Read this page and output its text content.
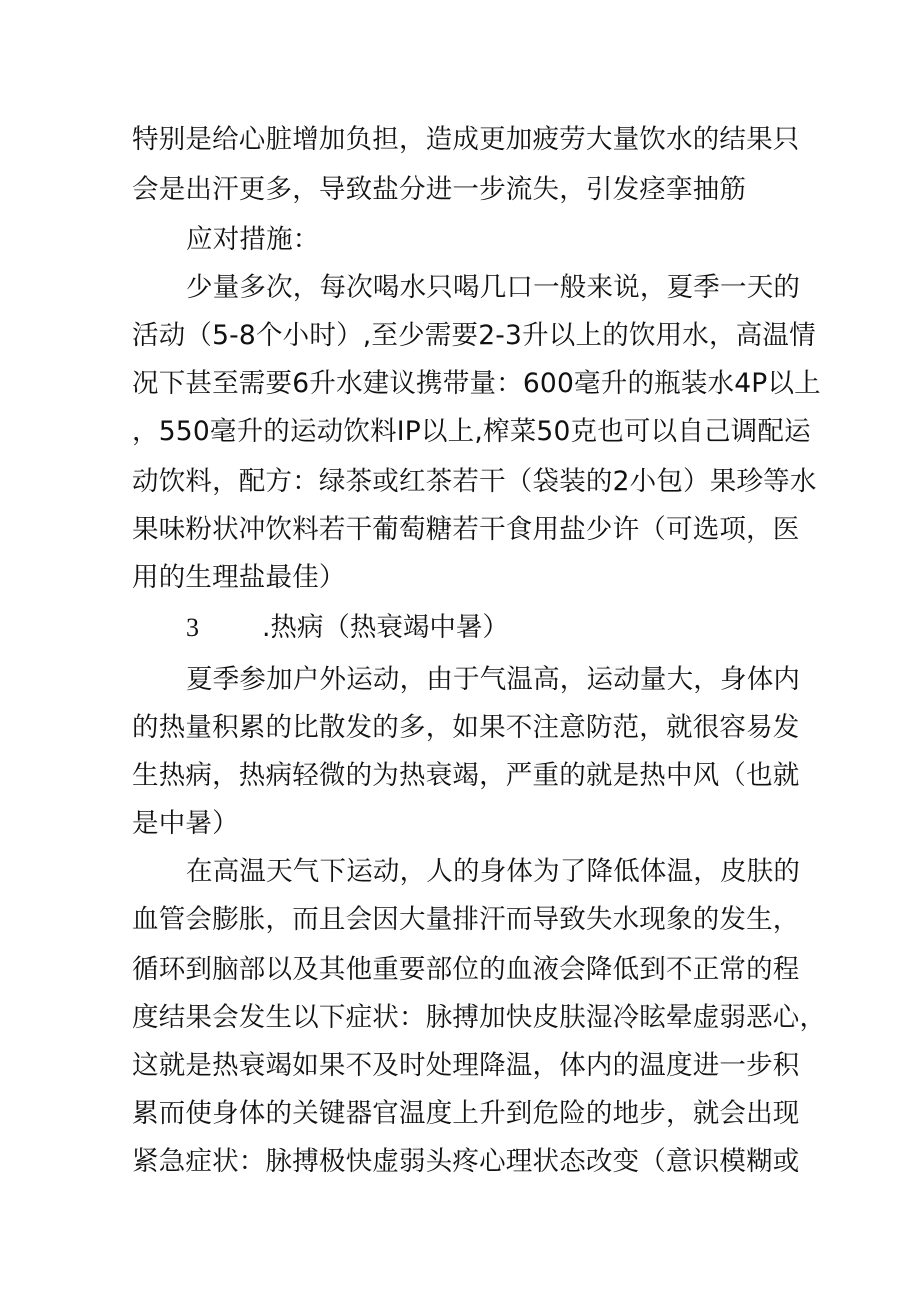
特别是给心脏增加负担，造成更加疲劳大量饮水的结果只
会是出汗更多，导致盐分进一步流失，引发痉挛抽筋
应对措施：
少量多次，每次喝水只喝几口一般来说，夏季一天的
活动（5-8个小时）,至少需要2-3升以上的饮用水，高温情
况下甚至需要6升水建议携带量：600毫升的瓶装水4P以上
，550毫升的运动饮料IP以上,榨菜50克也可以自己调配运
动饮料，配方：绿茶或红茶若干（袋装的2小包）果珍等水
果味粉状冲饮料若干葡萄糖若干食用盐少许（可选项，医
用的生理盐最佳）
3 .热病（热衰竭中暑）
夏季参加户外运动，由于气温高，运动量大，身体内
的热量积累的比散发的多，如果不注意防范，就很容易发
生热病，热病轻微的为热衰竭，严重的就是热中风（也就
是中暑）
在高温天气下运动，人的身体为了降低体温，皮肤的
血管会膨胀，而且会因大量排汗而导致失水现象的发生，
循环到脑部以及其他重要部位的血液会降低到不正常的程
度结果会发生以下症状：脉搏加快皮肤湿冷眩晕虚弱恶心，
这就是热衰竭如果不及时处理降温，体内的温度进一步积
累而使身体的关键器官温度上升到危险的地步，就会出现
紧急症状：脉搏极快虚弱头疼心理状态改变（意识模糊或
